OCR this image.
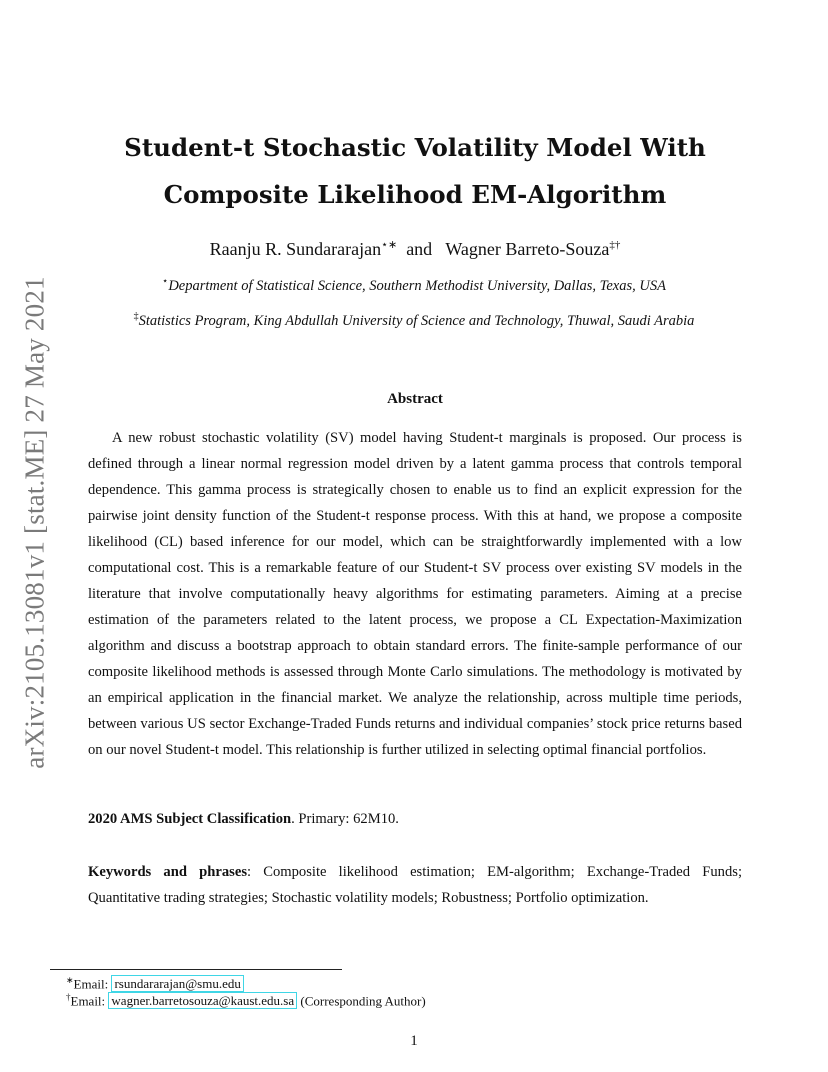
arXiv:2105.13081v1 [stat.ME] 27 May 2021
Student-t Stochastic Volatility Model With
Composite Likelihood EM-Algorithm
Raanju R. Sundararajan⋆∗ and Wagner Barreto-Souza‡†
⋆Department of Statistical Science, Southern Methodist University, Dallas, Texas, USA
‡Statistics Program, King Abdullah University of Science and Technology, Thuwal, Saudi Arabia
Abstract

A new robust stochastic volatility (SV) model having Student-t marginals is proposed. Our process is defined through a linear normal regression model driven by a latent gamma process that controls temporal dependence. This gamma process is strategically chosen to enable us to find an explicit expression for the pairwise joint density function of the Student-t response process. With this at hand, we propose a composite likelihood (CL) based inference for our model, which can be straightforwardly implemented with a low computational cost. This is a remarkable feature of our Student-t SV process over existing SV models in the literature that involve computationally heavy algorithms for estimating parameters. Aiming at a precise estimation of the parameters related to the latent process, we propose a CL Expectation-Maximization algorithm and discuss a bootstrap approach to obtain standard errors. The finite-sample performance of our composite likelihood methods is assessed through Monte Carlo simulations. The methodology is motivated by an empirical application in the financial market. We analyze the relationship, across multiple time periods, between various US sector Exchange-Traded Funds returns and individual companies’ stock price returns based on our novel Student-t model. This relationship is further utilized in selecting optimal financial portfolios.

2020 AMS Subject Classification. Primary: 62M10.
Keywords and phrases: Composite likelihood estimation; EM-algorithm; Exchange-Traded Funds; Quantitative trading strategies; Stochastic volatility models; Robustness; Portfolio optimization.
∗Email: rsundararajan@smu.edu
†Email: wagner.barretosouza@kaust.edu.sa (Corresponding Author)
1
